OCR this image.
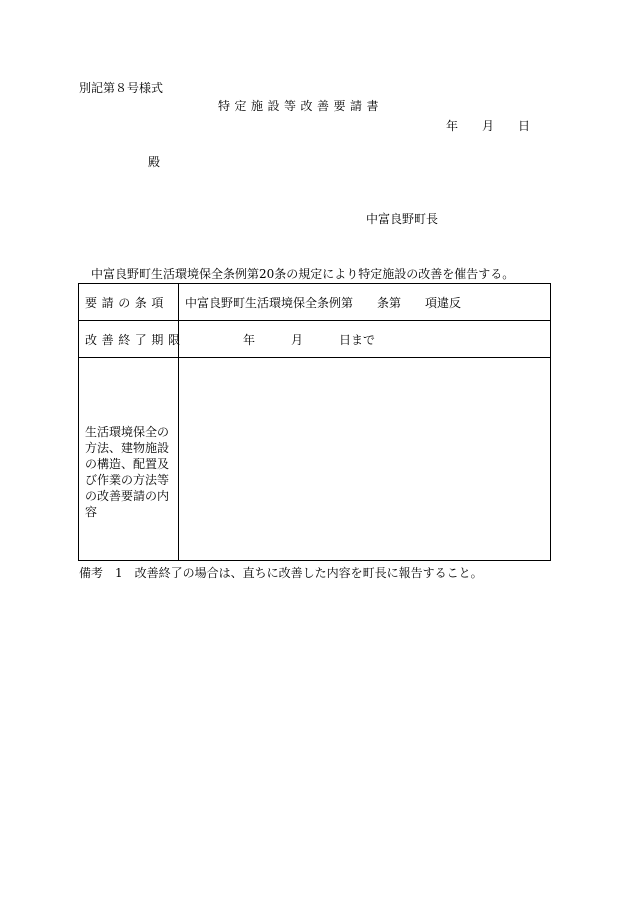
別記第８号様式
特定施設等改善要請書
年　　月　　日
殿
中富良野町長
中富良野町生活環境保全条例第20条の規定により特定施設の改善を催告する。
要請の条項 中富良野町生活環境保全条例第　　条第　　項違反
改善終了期限	年　　　月　　　日まで
生活環境保全の方法、建物施設の構造、配置及び作業の方法等の改善要請の内容
備考　1　改善終了の場合は、直ちに改善した内容を町長に報告すること。
